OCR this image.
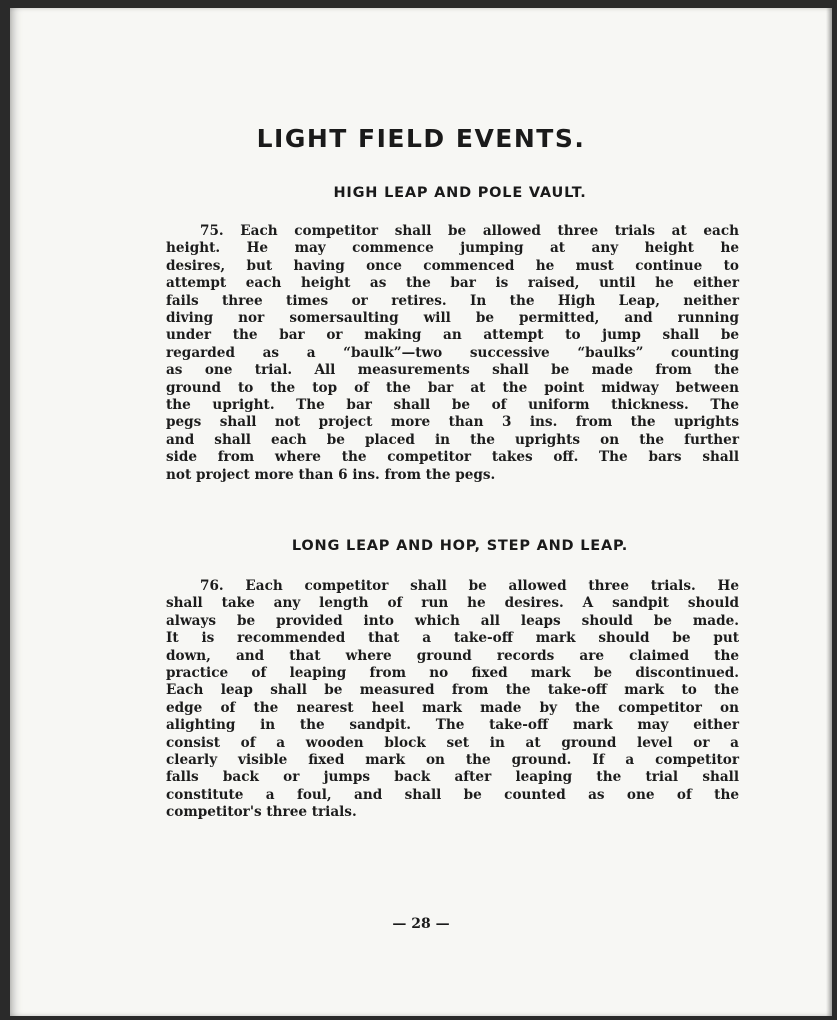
LIGHT FIELD EVENTS.
HIGH LEAP AND POLE VAULT.
75. Each competitor shall be allowed three trials at each
height. He may commence jumping at any height he
desires, but having once commenced he must continue to
attempt each height as the bar is raised, until he either
fails three times or retires. In the High Leap, neither
diving nor somersaulting will be permitted, and running
under the bar or making an attempt to jump shall be
regarded as a “baulk”—two successive “baulks” counting
as one trial. All measurements shall be made from the
ground to the top of the bar at the point midway between
the upright. The bar shall be of uniform thickness. The
pegs shall not project more than 3 ins. from the uprights
and shall each be placed in the uprights on the further
side from where the competitor takes off. The bars shall
not project more than 6 ins. from the pegs.
LONG LEAP AND HOP, STEP AND LEAP.
76. Each competitor shall be allowed three trials. He
shall take any length of run he desires. A sandpit should
always be provided into which all leaps should be made.
It is recommended that a take-off mark should be put
down, and that where ground records are claimed the
practice of leaping from no fixed mark be discontinued.
Each leap shall be measured from the take-off mark to the
edge of the nearest heel mark made by the competitor on
alighting in the sandpit. The take-off mark may either
consist of a wooden block set in at ground level or a
clearly visible fixed mark on the ground. If a competitor
falls back or jumps back after leaping the trial shall
constitute a foul, and shall be counted as one of the
competitor's three trials.
— 28 —
